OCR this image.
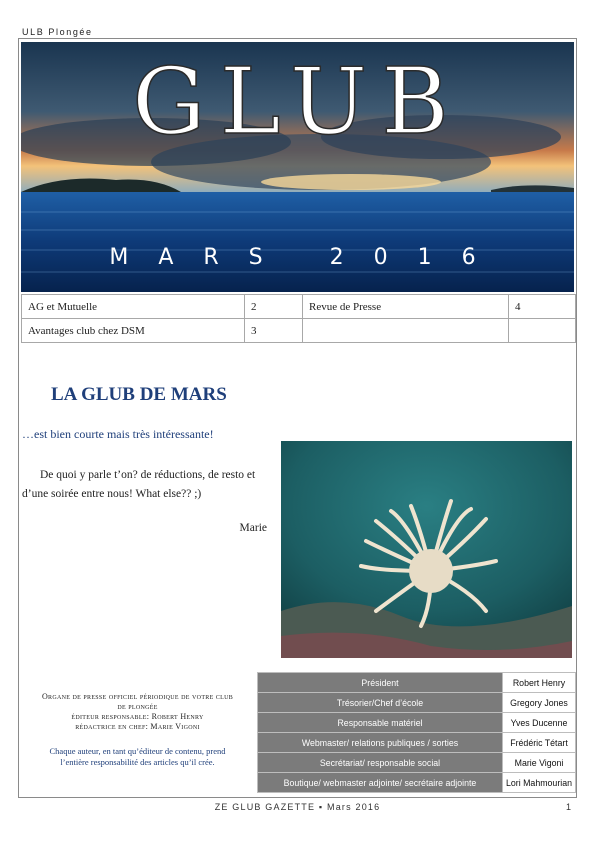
ULB Plongée
GLUB
MARS 2016
AG et Mutuelle	2	Revue de Presse	4
Avantages club chez DSM	3		
LA GLUB DE MARS
…est bien courte mais très intéressante!

De quoi y parle t’on? de réductions, de resto et d’une soirée entre nous! What else?? ;)

Marie
Organe de presse officiel périodique de votre club de plongée
éditeur responsable: Robert Henry
rédactrice en chef: Marie Vigoni
Chaque auteur, en tant qu’éditeur de contenu, prend l’entière responsabilité des articles qu’il crée.
Président	Robert Henry
Trésorier/Chef d’école	Gregory Jones
Responsable matériel	Yves Ducenne
Webmaster/ relations publiques / sorties	Frédéric Tétart
Secrétariat/ responsable social	Marie Vigoni
Boutique/ webmaster adjointe/ secrétaire adjointe	Lori Mahmourian
ZE GLUB GAZETTE ▪ Mars 2016	1
